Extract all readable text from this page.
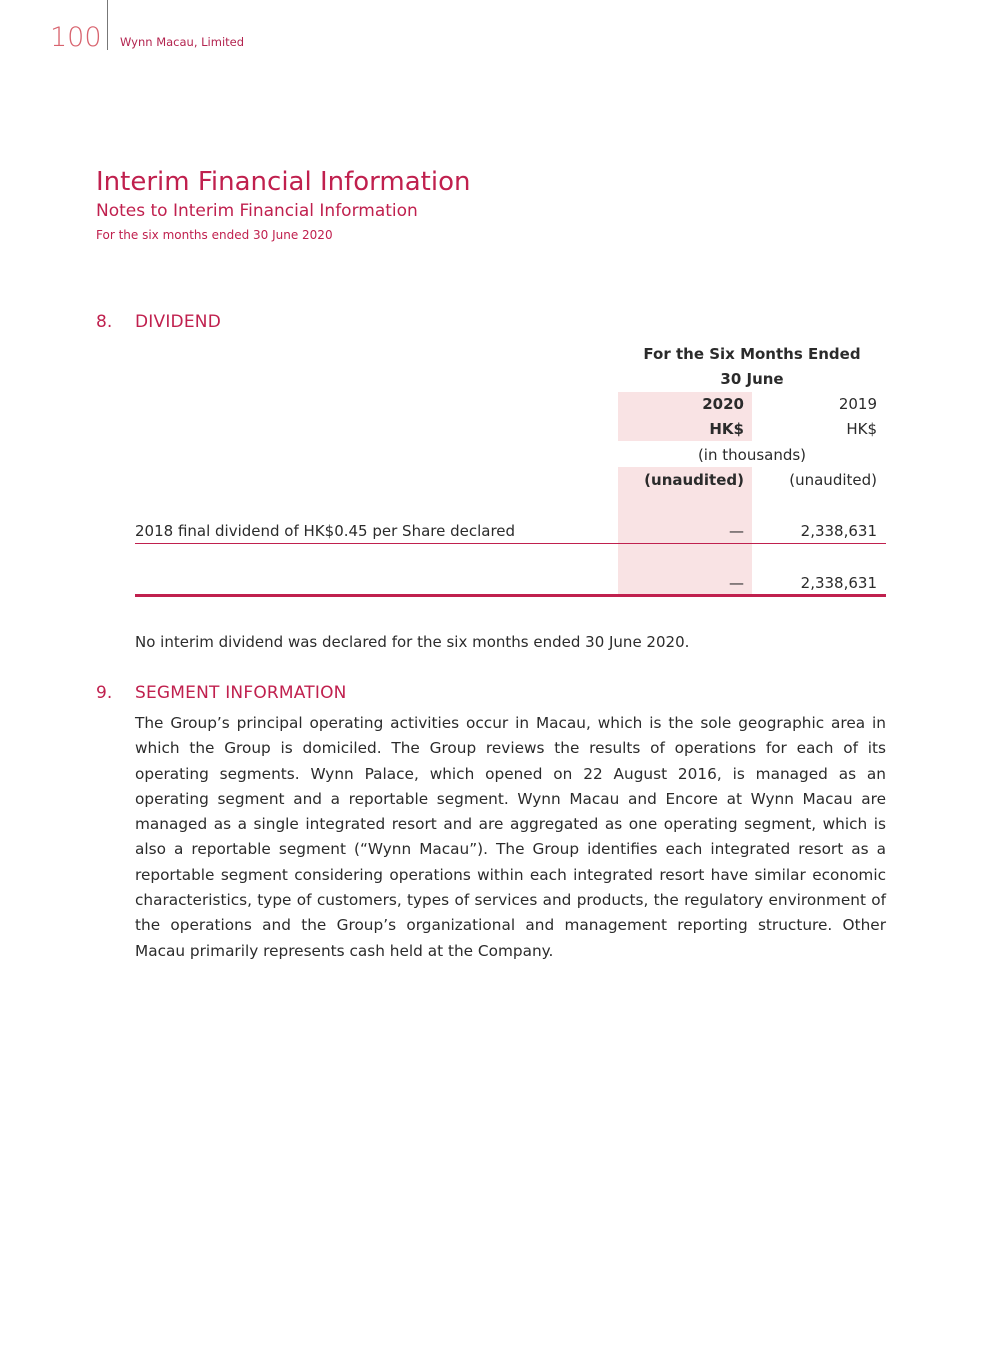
100 Wynn Macau, Limited
Interim Financial Information
Notes to Interim Financial Information
For the six months ended 30 June 2020
8. DIVIDEND
For the Six Months Ended
30 June
2020	2019
HK$	HK$
(in thousands)
(unaudited)	(unaudited)
2018 final dividend of HK$0.45 per Share declared	—	2,338,631
—	2,338,631
No interim dividend was declared for the six months ended 30 June 2020.
9. SEGMENT INFORMATION
The Group’s principal operating activities occur in Macau, which is the sole geographic area in which the Group is domiciled. The Group reviews the results of operations for each of its operating segments. Wynn Palace, which opened on 22 August 2016, is managed as an operating segment and a reportable segment. Wynn Macau and Encore at Wynn Macau are managed as a single integrated resort and are aggregated as one operating segment, which is also a reportable segment (“Wynn Macau”). The Group identifies each integrated resort as a reportable segment considering operations within each integrated resort have similar economic characteristics, type of customers, types of services and products, the regulatory environment of the operations and the Group’s organizational and management reporting structure. Other Macau primarily represents cash held at the Company.
